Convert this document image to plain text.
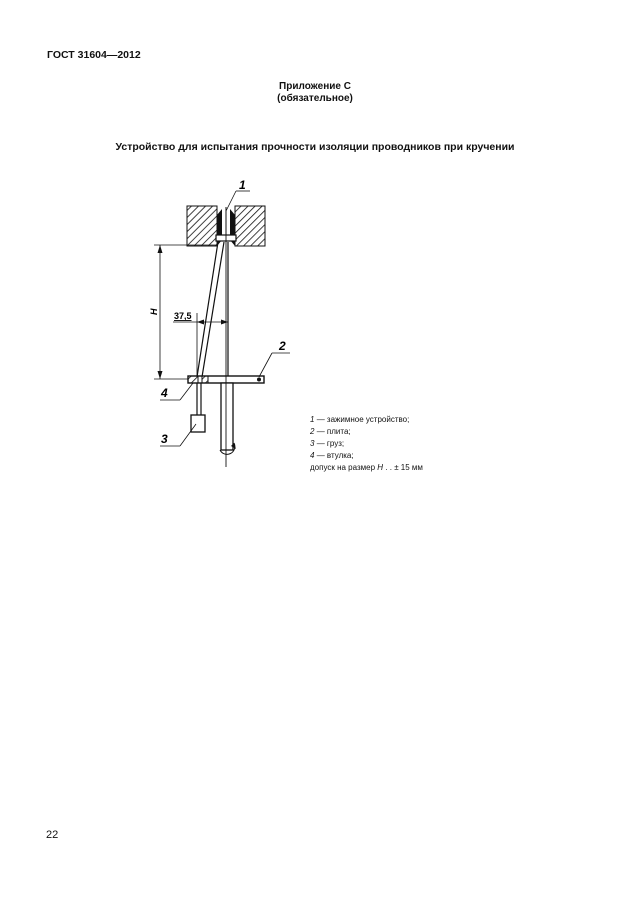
ГОСТ 31604—2012
Приложение С
(обязательное)
Устройство для испытания прочности изоляции проводников при кручении
H 37,5
1
2
4
3
1 — зажимное устройство;
2 — плита;
3 — груз;
4 — втулка;
допуск на размер H . . ± 15 мм
22
